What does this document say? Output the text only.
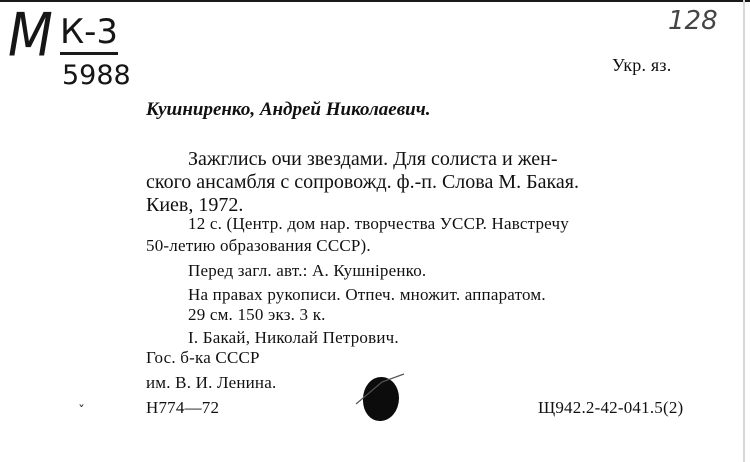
М К-3
5988
128
Укр. яз.
Кушниренко, Андрей Николаевич.
Зажглись очи звездами. Для солиста и жен-
ского ансамбля с сопровожд. ф.-п. Слова М. Бакая.
Киев, 1972.
12 с. (Центр. дом нар. творчества УССР. Навстречу
50-летию образования СССР).
Перед загл. авт.: А. Кушніренко.
На правах рукописи. Отпеч. множит. аппаратом.
29 см. 150 экз. 3 к.
I. Бакай, Николай Петрович.
Гос. б-ка СССР
им. В. И. Ленина.
Н774—72	Щ942.2-42-041.5(2)
ˇ
